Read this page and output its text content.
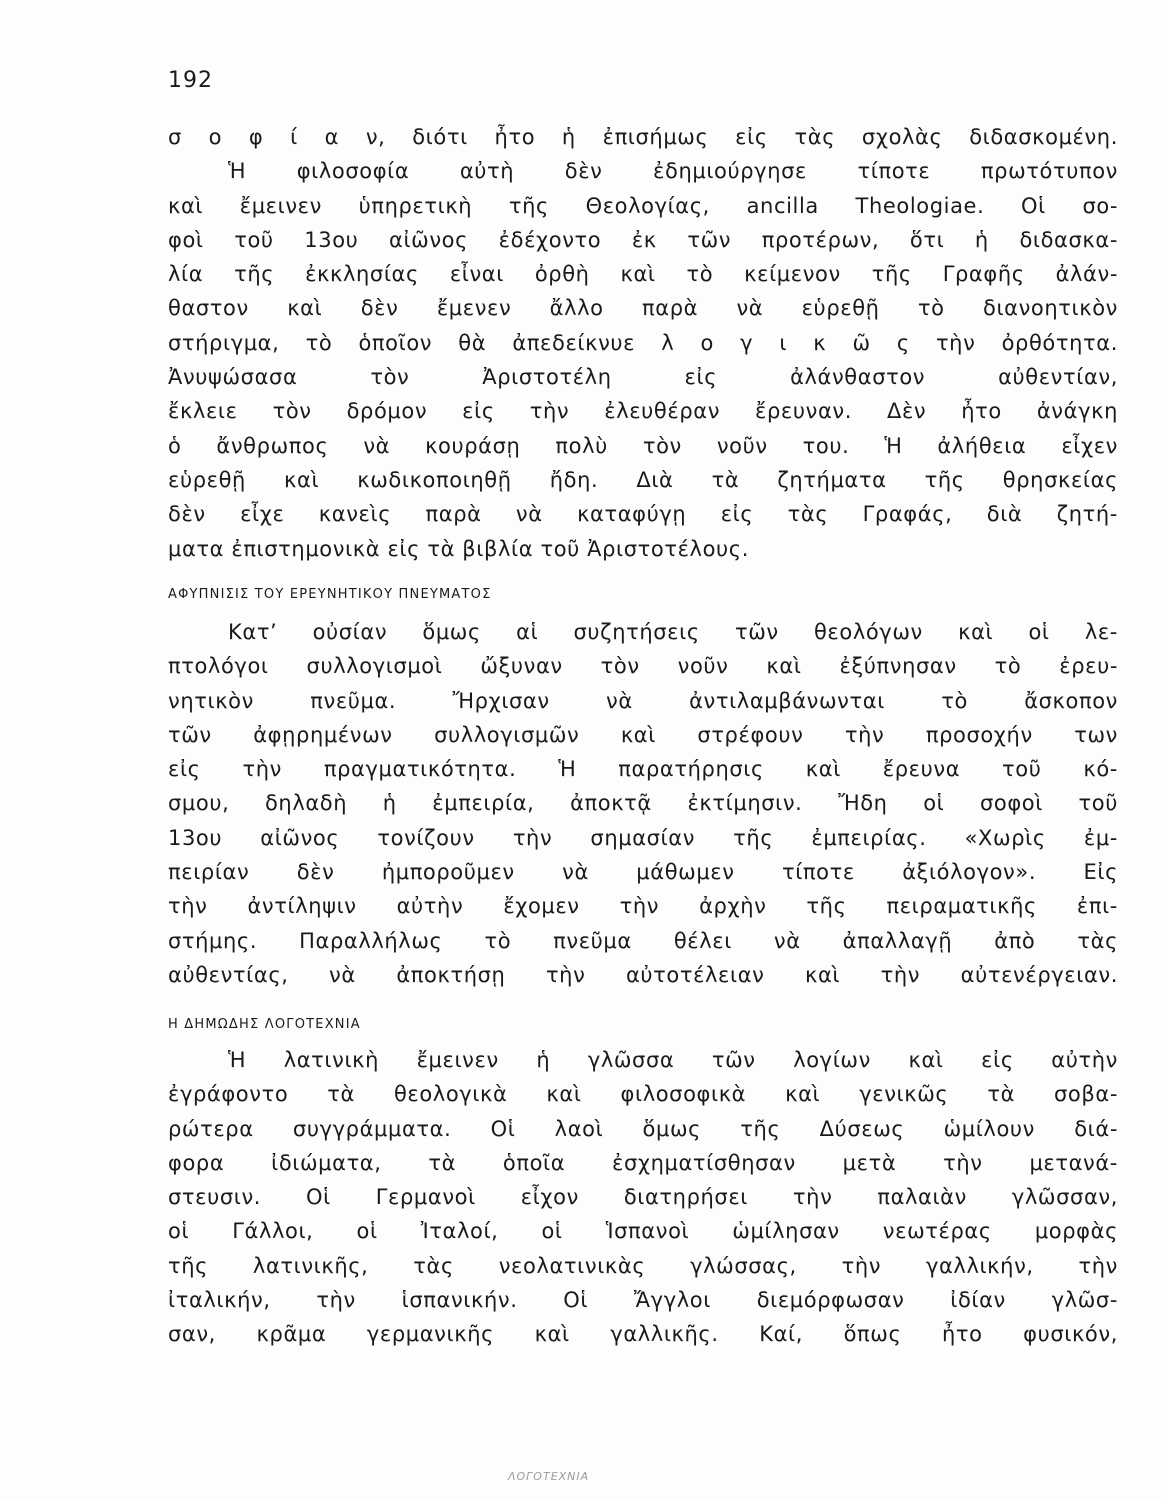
192
σ ο φ ί α ν, διότι ἦτο ἡ ἐπισήμως εἰς τὰς σχολὰς διδασκομένη.
Ἡ φιλοσοφία αὐτὴ δὲν ἐδημιούργησε τίποτε πρωτότυπον
καὶ ἔμεινεν ὑπηρετικὴ τῆς Θεολογίας, ancilla Theologiae. Οἱ σο-
φοὶ τοῦ 13ου αἰῶνος ἐδέχοντο ἐκ τῶν προτέρων, ὅτι ἡ διδασκα-
λία τῆς ἐκκλησίας εἶναι ὀρθὴ καὶ τὸ κείμενον τῆς Γραφῆς ἀλάν-
θαστον καὶ δὲν ἔμενεν ἄλλο παρὰ νὰ εὑρεθῇ τὸ διανοητικὸν
στήριγμα, τὸ ὁποῖον θὰ ἀπεδείκνυε λ ο γ ι κ ῶ ς τὴν ὀρθότητα.
Ἀνυψώσασα τὸν Ἀριστοτέλη εἰς ἀλάνθαστον αὐθεντίαν,
ἔκλειε τὸν δρόμον εἰς τὴν ἐλευθέραν ἔρευναν. Δὲν ἦτο ἀνάγκη
ὁ ἄνθρωπος νὰ κουράσῃ πολὺ τὸν νοῦν του. Ἡ ἀλήθεια εἶχεν
εὑρεθῇ καὶ κωδικοποιηθῇ ἤδη. Διὰ τὰ ζητήματα τῆς θρησκείας
δὲν εἶχε κανεὶς παρὰ νὰ καταφύγῃ εἰς τὰς Γραφάς, διὰ ζητή-
ματα ἐπιστημονικὰ εἰς τὰ βιβλία τοῦ Ἀριστοτέλους.
ΑΦΥΠΝΙΣΙΣ ΤΟΥ ΕΡΕΥΝΗΤΙΚΟΥ ΠΝΕΥΜΑΤΟΣ
Κατ’ οὐσίαν ὅμως αἱ συζητήσεις τῶν θεολόγων καὶ οἱ λε-
πτολόγοι συλλογισμοὶ ὤξυναν τὸν νοῦν καὶ ἐξύπνησαν τὸ ἐρευ-
νητικὸν πνεῦμα. Ἤρχισαν νὰ ἀντιλαμβάνωνται τὸ ἄσκοπον
τῶν ἀφῃρημένων συλλογισμῶν καὶ στρέφουν τὴν προσοχήν των
εἰς τὴν πραγματικότητα. Ἡ παρατήρησις καὶ ἔρευνα τοῦ κό-
σμου, δηλαδὴ ἡ ἐμπειρία, ἀποκτᾷ ἐκτίμησιν. Ἤδη οἱ σοφοὶ τοῦ
13ου αἰῶνος τονίζουν τὴν σημασίαν τῆς ἐμπειρίας. «Χωρὶς ἐμ-
πειρίαν δὲν ἠμποροῦμεν νὰ μάθωμεν τίποτε ἀξιόλογον». Εἰς
τὴν ἀντίληψιν αὐτὴν ἔχομεν τὴν ἀρχὴν τῆς πειραματικῆς ἐπι-
στήμης. Παραλλήλως τὸ πνεῦμα θέλει νὰ ἀπαλλαγῇ ἀπὸ τὰς
αὐθεντίας, νὰ ἀποκτήσῃ τὴν αὐτοτέλειαν καὶ τὴν αὐτενέργειαν.
Η ΔΗΜΩΔΗΣ ΛΟΓΟΤΕΧΝΙΑ
Ἡ λατινικὴ ἔμεινεν ἡ γλῶσσα τῶν λογίων καὶ εἰς αὐτὴν
ἐγράφοντο τὰ θεολογικὰ καὶ φιλοσοφικὰ καὶ γενικῶς τὰ σοβα-
ρώτερα συγγράμματα. Οἱ λαοὶ ὅμως τῆς Δύσεως ὡμίλουν διά-
φορα ἰδιώματα, τὰ ὁποῖα ἐσχηματίσθησαν μετὰ τὴν μετανά-
στευσιν. Οἱ Γερμανοὶ εἶχον διατηρήσει τὴν παλαιὰν γλῶσσαν,
οἱ Γάλλοι, οἱ Ἰταλοί, οἱ Ἱσπανοὶ ὡμίλησαν νεωτέρας μορφὰς
τῆς λατινικῆς, τὰς νεολατινικὰς γλώσσας, τὴν γαλλικήν, τὴν
ἰταλικήν, τὴν ἱσπανικήν. Οἱ Ἄγγλοι διεμόρφωσαν ἰδίαν γλῶσ-
σαν, κρᾶμα γερμανικῆς καὶ γαλλικῆς. Καί, ὅπως ἦτο φυσικόν,
ΛΟΓΟΤΕΧΝΙΑ
